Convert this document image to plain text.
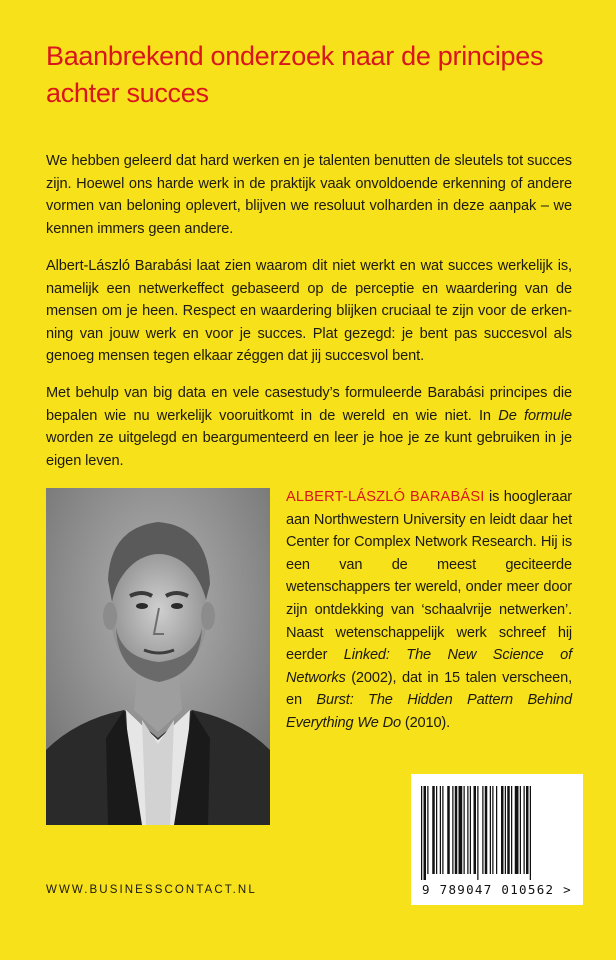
Baanbrekend onderzoek naar de principes achter succes

We hebben geleerd dat hard werken en je talenten benutten de sleutels tot succes zijn. Hoewel ons harde werk in de praktijk vaak onvoldoende erkenning of andere vormen van beloning oplevert, blijven we resoluut volharden in deze aanpak – we kennen immers geen andere.

Albert-László Barabási laat zien waarom dit niet werkt en wat succes werkelijk is, namelijk een netwerkeffect gebaseerd op de perceptie en waardering van de mensen om je heen. Respect en waardering blijken cruciaal te zijn voor de erkenning van jouw werk en voor je succes. Plat gezegd: je bent pas succesvol als genoeg mensen tegen elkaar zéggen dat jij succesvol bent.

Met behulp van big data en vele casestudy’s formuleerde Barabási principes die bepalen wie nu werkelijk vooruitkomt in de wereld en wie niet. In De formule worden ze uitgelegd en beargumenteerd en leer je hoe je ze kunt gebruiken in je eigen leven.

ALBERT-LÁSZLÓ BARABÁSI is hoogleraar aan Northwestern University en leidt daar het Center for Complex Network Research. Hij is een van de meest geciteerde wetenschappers ter wereld, onder meer door zijn ontdekking van ‘schaalvrije netwerken’. Naast wetenschappelijk werk schreef hij eerder Linked: The New Science of Networks (2002), dat in 15 talen verscheen, en Burst: The Hidden Pattern Behind Everything We Do (2010).

WWW.BUSINESSCONTACT.NL	9 789047 010562 >
